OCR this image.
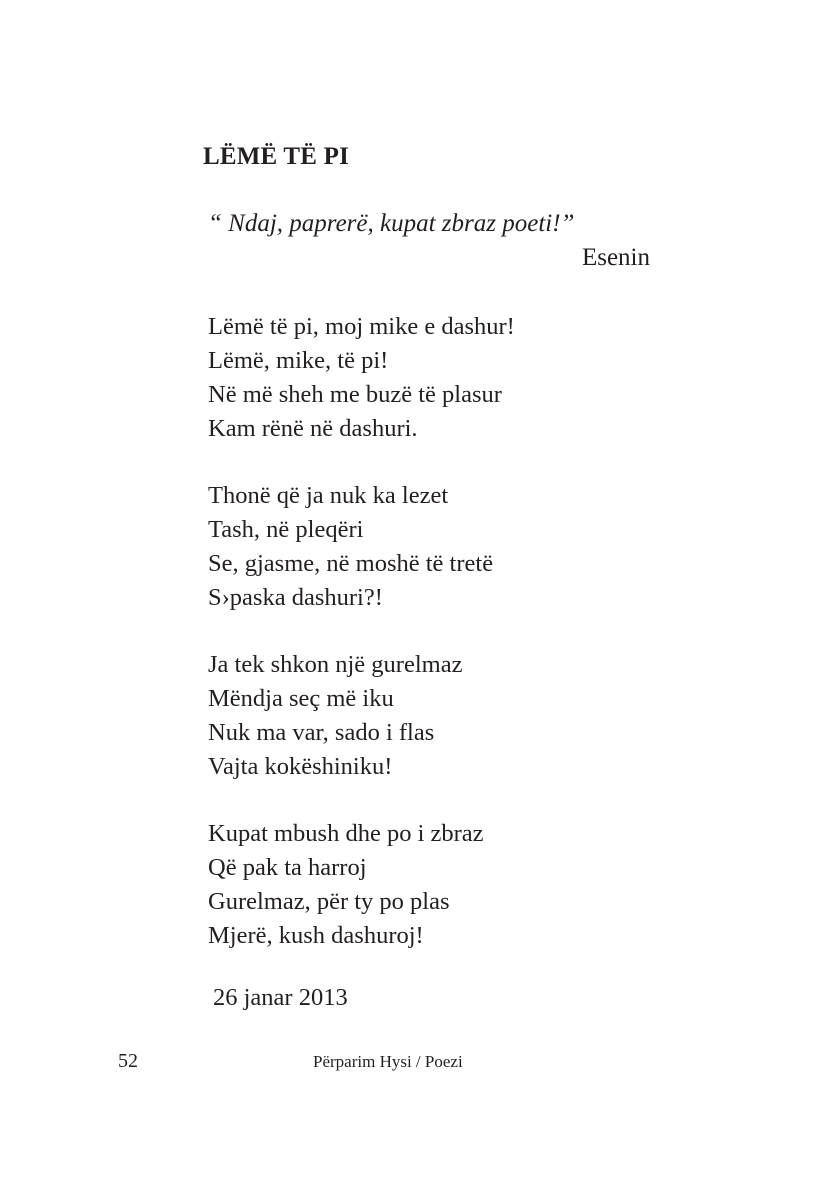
LËMË TË PI
“ Ndaj, paprerë, kupat zbraz poeti!”
Esenin
Lëmë të pi, moj mike e dashur!
Lëmë, mike, të pi!
Në më sheh me buzë të plasur
Kam rënë në dashuri.
Thonë që ja nuk ka lezet
Tash, në pleqëri
Se, gjasme, në moshë të tretë
S›paska dashuri?!
Ja tek shkon një gurelmaz
Mëndja seç më iku
Nuk ma var, sado i flas
Vajta kokëshiniku!
Kupat mbush dhe po i zbraz
Që pak ta harroj
Gurelmaz, për ty po plas
Mjerë, kush dashuroj!
26 janar 2013
52	Përparim Hysi / Poezi
